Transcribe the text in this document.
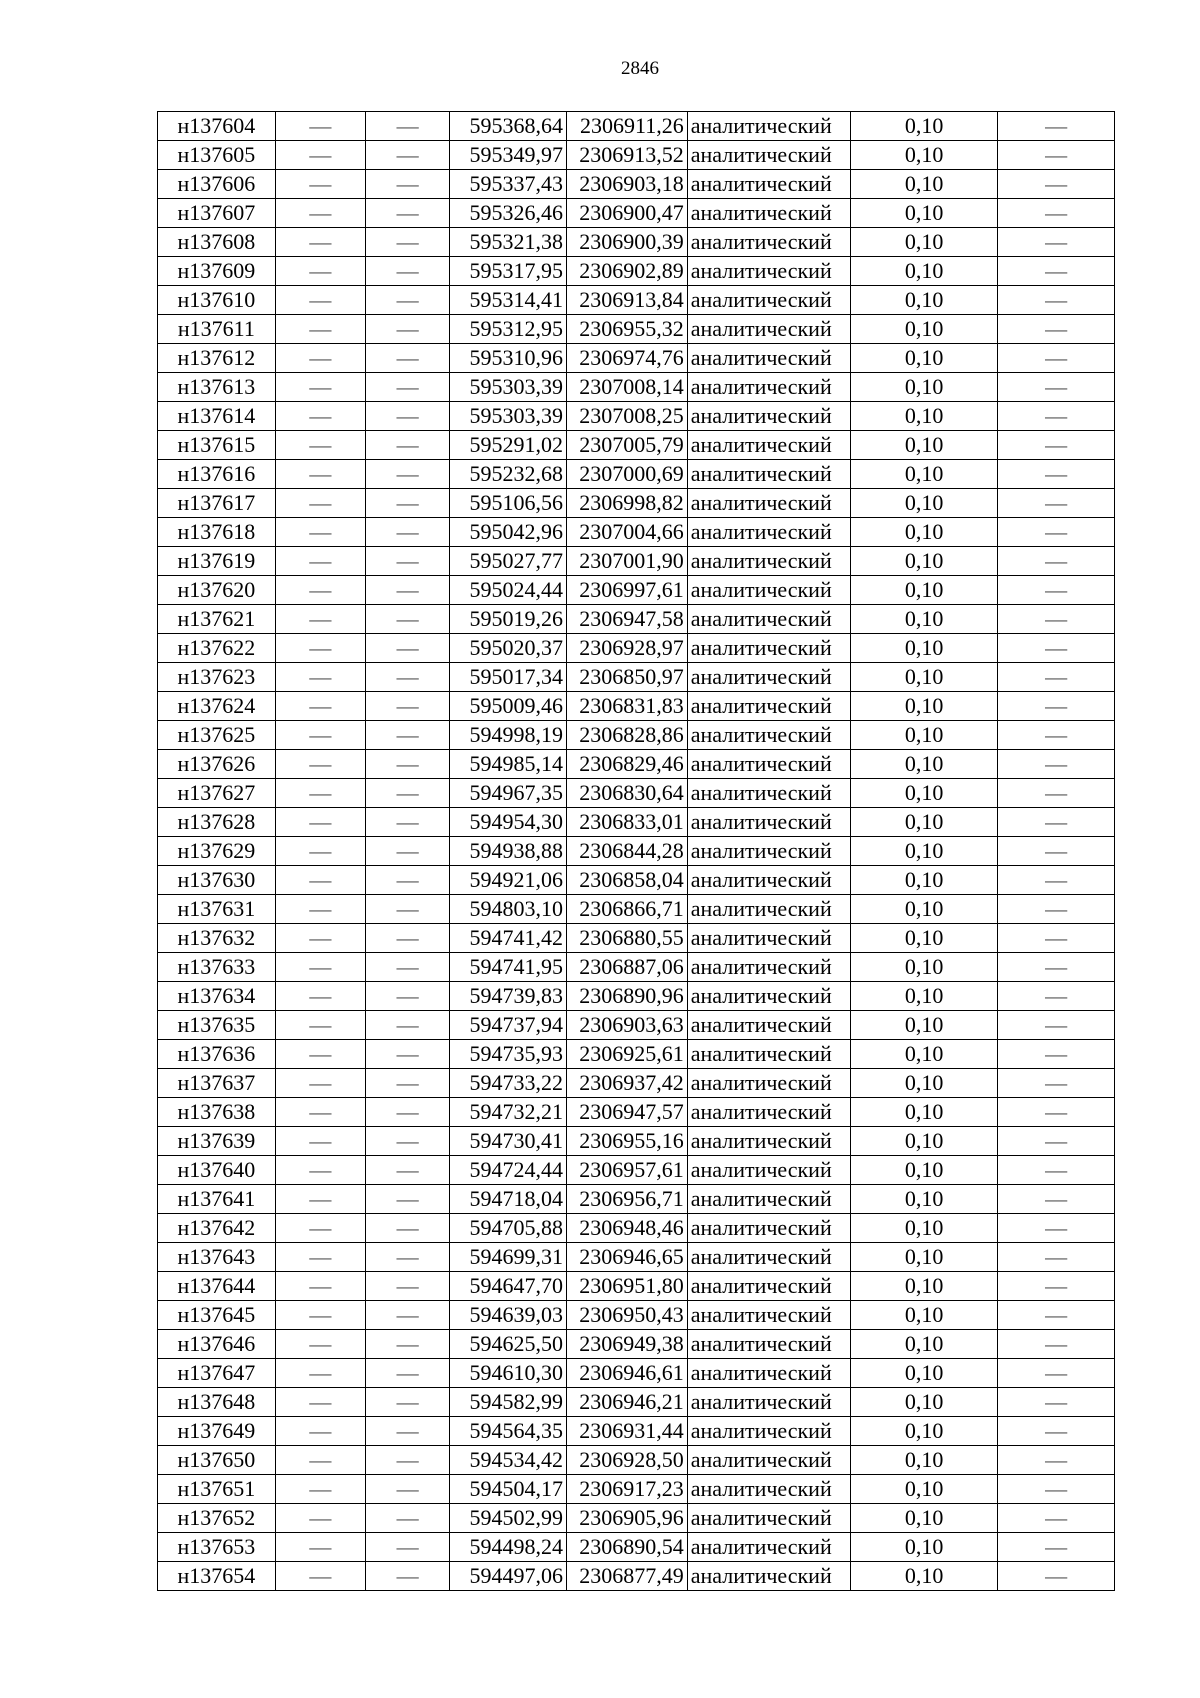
2846
н137604	—	—	595368,64	2306911,26	аналитический	0,10	—
н137605	—	—	595349,97	2306913,52	аналитический	0,10	—
н137606	—	—	595337,43	2306903,18	аналитический	0,10	—
н137607	—	—	595326,46	2306900,47	аналитический	0,10	—
н137608	—	—	595321,38	2306900,39	аналитический	0,10	—
н137609	—	—	595317,95	2306902,89	аналитический	0,10	—
н137610	—	—	595314,41	2306913,84	аналитический	0,10	—
н137611	—	—	595312,95	2306955,32	аналитический	0,10	—
н137612	—	—	595310,96	2306974,76	аналитический	0,10	—
н137613	—	—	595303,39	2307008,14	аналитический	0,10	—
н137614	—	—	595303,39	2307008,25	аналитический	0,10	—
н137615	—	—	595291,02	2307005,79	аналитический	0,10	—
н137616	—	—	595232,68	2307000,69	аналитический	0,10	—
н137617	—	—	595106,56	2306998,82	аналитический	0,10	—
н137618	—	—	595042,96	2307004,66	аналитический	0,10	—
н137619	—	—	595027,77	2307001,90	аналитический	0,10	—
н137620	—	—	595024,44	2306997,61	аналитический	0,10	—
н137621	—	—	595019,26	2306947,58	аналитический	0,10	—
н137622	—	—	595020,37	2306928,97	аналитический	0,10	—
н137623	—	—	595017,34	2306850,97	аналитический	0,10	—
н137624	—	—	595009,46	2306831,83	аналитический	0,10	—
н137625	—	—	594998,19	2306828,86	аналитический	0,10	—
н137626	—	—	594985,14	2306829,46	аналитический	0,10	—
н137627	—	—	594967,35	2306830,64	аналитический	0,10	—
н137628	—	—	594954,30	2306833,01	аналитический	0,10	—
н137629	—	—	594938,88	2306844,28	аналитический	0,10	—
н137630	—	—	594921,06	2306858,04	аналитический	0,10	—
н137631	—	—	594803,10	2306866,71	аналитический	0,10	—
н137632	—	—	594741,42	2306880,55	аналитический	0,10	—
н137633	—	—	594741,95	2306887,06	аналитический	0,10	—
н137634	—	—	594739,83	2306890,96	аналитический	0,10	—
н137635	—	—	594737,94	2306903,63	аналитический	0,10	—
н137636	—	—	594735,93	2306925,61	аналитический	0,10	—
н137637	—	—	594733,22	2306937,42	аналитический	0,10	—
н137638	—	—	594732,21	2306947,57	аналитический	0,10	—
н137639	—	—	594730,41	2306955,16	аналитический	0,10	—
н137640	—	—	594724,44	2306957,61	аналитический	0,10	—
н137641	—	—	594718,04	2306956,71	аналитический	0,10	—
н137642	—	—	594705,88	2306948,46	аналитический	0,10	—
н137643	—	—	594699,31	2306946,65	аналитический	0,10	—
н137644	—	—	594647,70	2306951,80	аналитический	0,10	—
н137645	—	—	594639,03	2306950,43	аналитический	0,10	—
н137646	—	—	594625,50	2306949,38	аналитический	0,10	—
н137647	—	—	594610,30	2306946,61	аналитический	0,10	—
н137648	—	—	594582,99	2306946,21	аналитический	0,10	—
н137649	—	—	594564,35	2306931,44	аналитический	0,10	—
н137650	—	—	594534,42	2306928,50	аналитический	0,10	—
н137651	—	—	594504,17	2306917,23	аналитический	0,10	—
н137652	—	—	594502,99	2306905,96	аналитический	0,10	—
н137653	—	—	594498,24	2306890,54	аналитический	0,10	—
н137654	—	—	594497,06	2306877,49	аналитический	0,10	—
